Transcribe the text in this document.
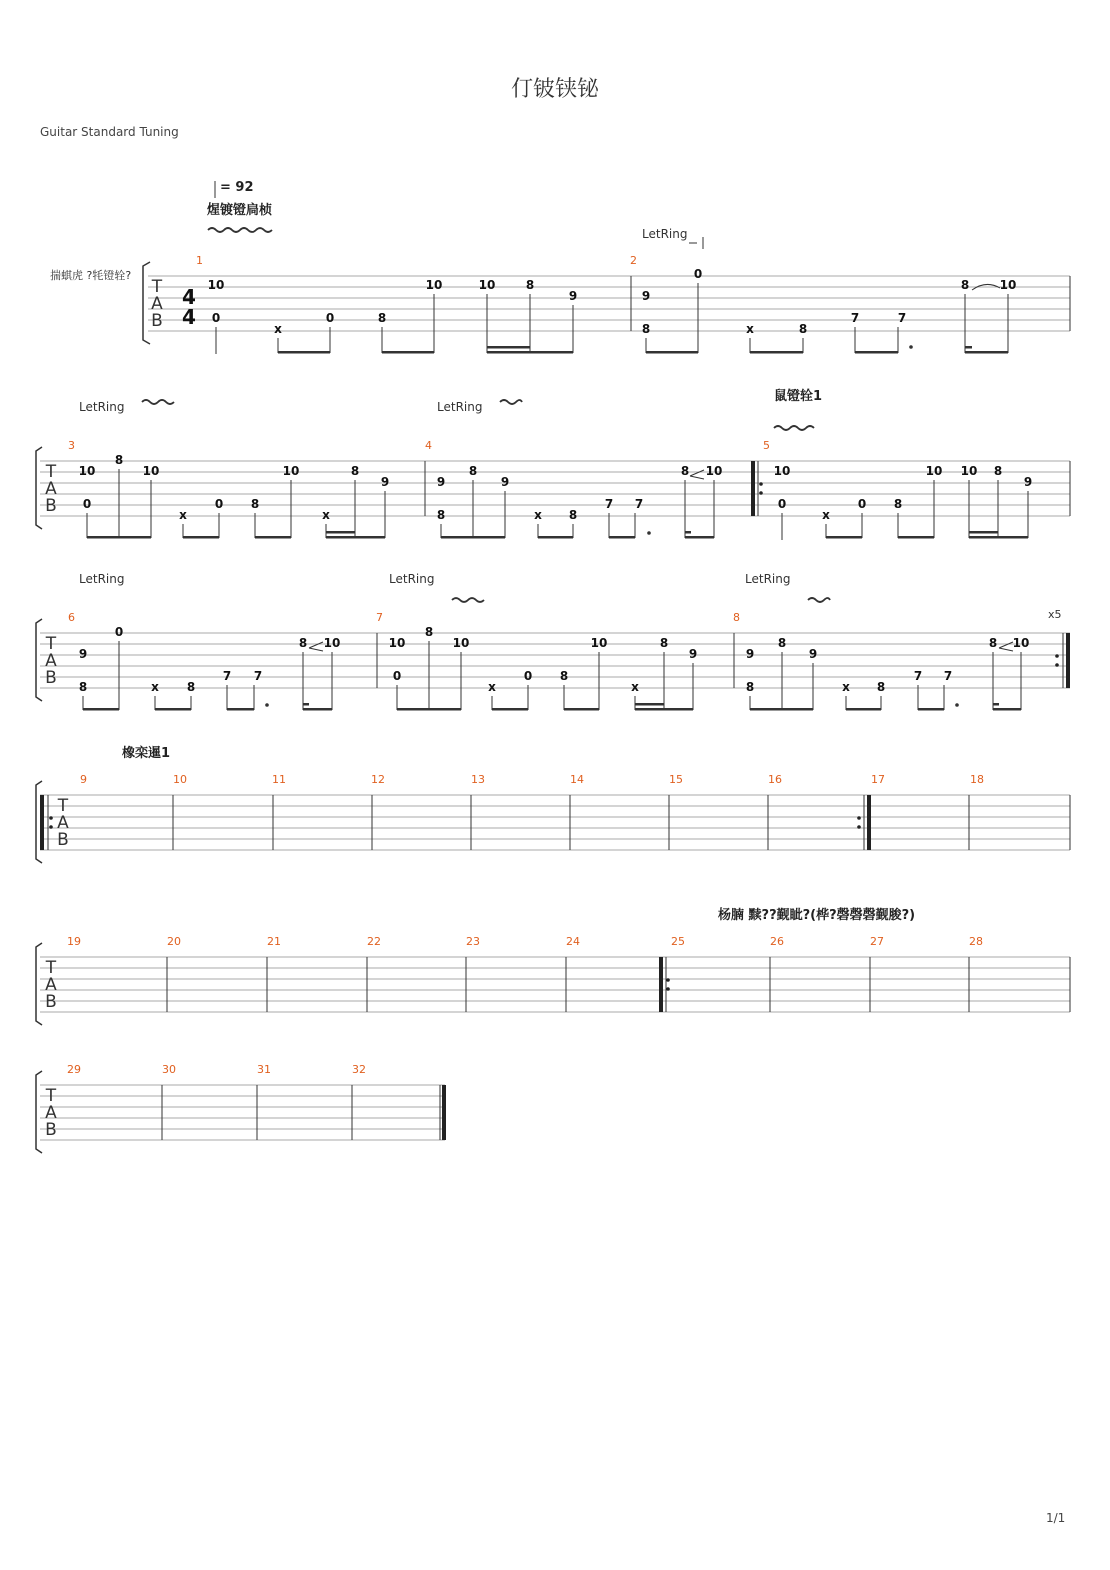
仃铍铗铋
Guitar Standard Tuning
揣蜞虎 ?牦镫辁?
= 92
煋镀镫扃桢
鼠镫辁1
橡栾暹1
杨腩 黩??觐眦?(桦?磬磬磬觐脧?)
LetRing
LetRing	LetRing
LetRing	LetRing	LetRing
1/1
T
A
B
T
A
B
T
A
B
T
A
B
T
A
B
T
A
B
4
4
1	2
3	4	5
6	7	8
9	10	11	12	13	14	15	16	17	18
19	20	21	22	23	24	25	26	27	28
29	30	31	32
x5
10
0
x
0	8
10	10	8
9	9
8
0
x	8
7	7
8	10
10
0
8
10
x
0 8
10	8
x
9	9
8
8
9
x 8
7 7
8 10	10
0
x
0 8
10 10 8
9
9
8
0
x 8
7 7
8 10	10
0
8
10
x
0 8
10	8
x
9	9
8
8
9
x 8
7 7
8 10
